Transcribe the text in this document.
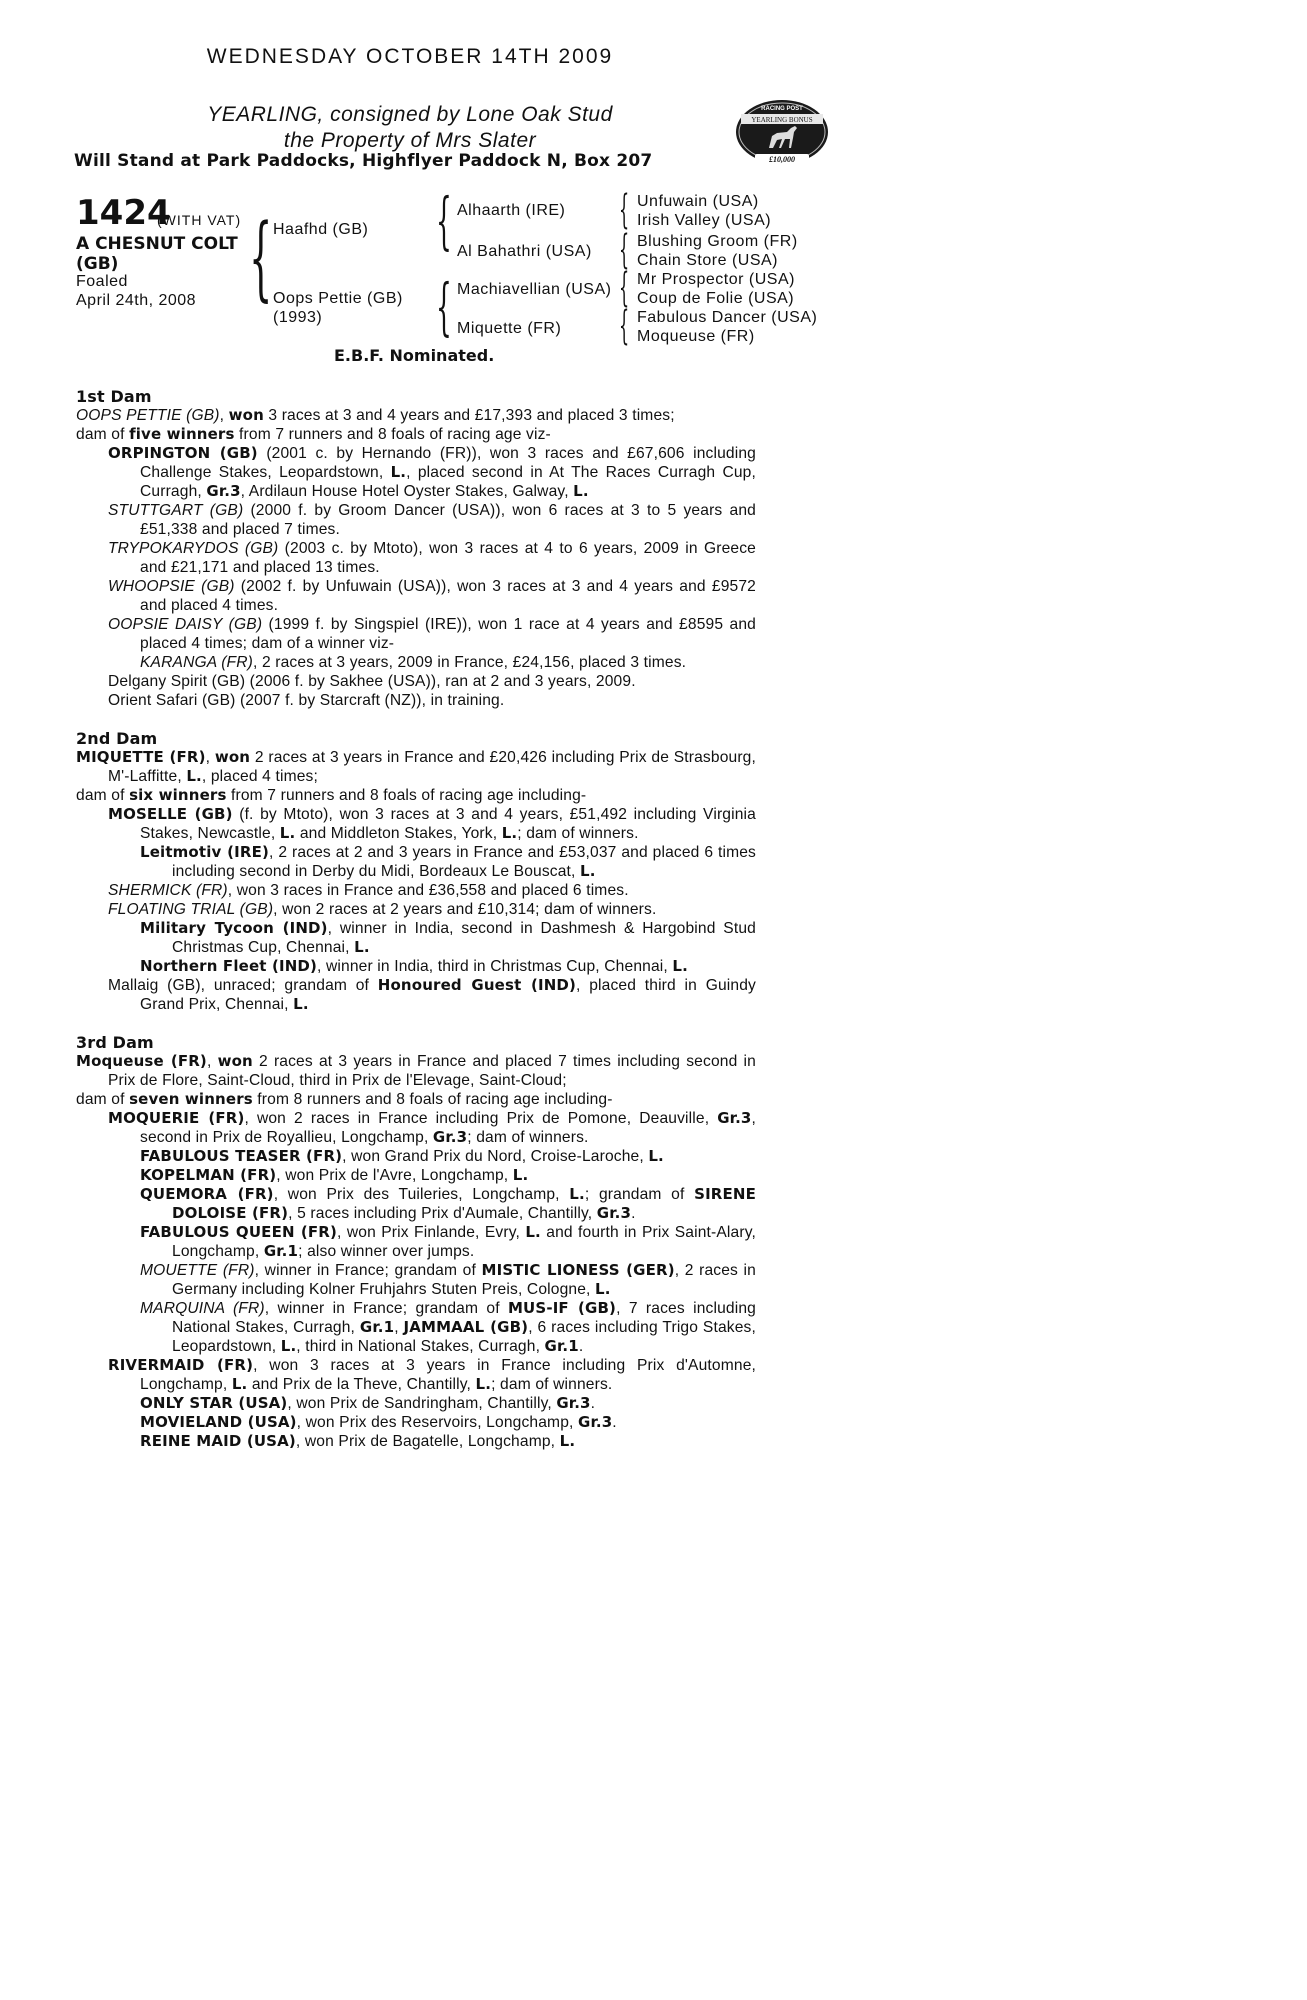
WEDNESDAY OCTOBER 14TH 2009
YEARLING, consigned by Lone Oak Stud
the Property of Mrs Slater
Will Stand at Park Paddocks, Highflyer Paddock N, Box 207
RACING POST
YEARLING BONUS
£10,000
1424
(WITH VAT)
A CHESNUT COLT
(GB)
Foaled
April 24th, 2008 { Haafhd (GB)
Oops Pettie (GB)
(1993)
{
{
Alhaarth (IRE)
Al Bahathri (USA)
Machiavellian (USA)
Miquette (FR)
{
{
{
{
Unfuwain (USA)
Irish Valley (USA)
Blushing Groom (FR)
Chain Store (USA)
Mr Prospector (USA)
Coup de Folie (USA)
Fabulous Dancer (USA)
Moqueuse (FR)
E.B.F. Nominated.
1st Dam
OOPS PETTIE (GB), won 3 races at 3 and 4 years and £17,393 and placed 3 times;
dam of five winners from 7 runners and 8 foals of racing age viz-
ORPINGTON (GB) (2001 c. by Hernando (FR)), won 3 races and £67,606 including Challenge Stakes, Leopardstown, L., placed second in At The Races Curragh Cup, Curragh, Gr.3, Ardilaun House Hotel Oyster Stakes, Galway, L.
STUTTGART (GB) (2000 f. by Groom Dancer (USA)), won 6 races at 3 to 5 years and £51,338 and placed 7 times.
TRYPOKARYDOS (GB) (2003 c. by Mtoto), won 3 races at 4 to 6 years, 2009 in Greece and £21,171 and placed 13 times.
WHOOPSIE (GB) (2002 f. by Unfuwain (USA)), won 3 races at 3 and 4 years and £9572 and placed 4 times.
OOPSIE DAISY (GB) (1999 f. by Singspiel (IRE)), won 1 race at 4 years and £8595 and placed 4 times; dam of a winner viz-
KARANGA (FR), 2 races at 3 years, 2009 in France, £24,156, placed 3 times.
Delgany Spirit (GB) (2006 f. by Sakhee (USA)), ran at 2 and 3 years, 2009.
Orient Safari (GB) (2007 f. by Starcraft (NZ)), in training.
2nd Dam
MIQUETTE (FR), won 2 races at 3 years in France and £20,426 including Prix de Strasbourg, M'-Laffitte, L., placed 4 times;
dam of six winners from 7 runners and 8 foals of racing age including-
MOSELLE (GB) (f. by Mtoto), won 3 races at 3 and 4 years, £51,492 including Virginia Stakes, Newcastle, L. and Middleton Stakes, York, L.; dam of winners.
Leitmotiv (IRE), 2 races at 2 and 3 years in France and £53,037 and placed 6 times including second in Derby du Midi, Bordeaux Le Bouscat, L.
SHERMICK (FR), won 3 races in France and £36,558 and placed 6 times.
FLOATING TRIAL (GB), won 2 races at 2 years and £10,314; dam of winners.
Military Tycoon (IND), winner in India, second in Dashmesh & Hargobind Stud Christmas Cup, Chennai, L.
Northern Fleet (IND), winner in India, third in Christmas Cup, Chennai, L.
Mallaig (GB), unraced; grandam of Honoured Guest (IND), placed third in Guindy Grand Prix, Chennai, L.
3rd Dam
Moqueuse (FR), won 2 races at 3 years in France and placed 7 times including second in Prix de Flore, Saint-Cloud, third in Prix de l'Elevage, Saint-Cloud;
dam of seven winners from 8 runners and 8 foals of racing age including-
MOQUERIE (FR), won 2 races in France including Prix de Pomone, Deauville, Gr.3, second in Prix de Royallieu, Longchamp, Gr.3; dam of winners.
FABULOUS TEASER (FR), won Grand Prix du Nord, Croise-Laroche, L.
KOPELMAN (FR), won Prix de l'Avre, Longchamp, L.
QUEMORA (FR), won Prix des Tuileries, Longchamp, L.; grandam of SIRENE DOLOISE (FR), 5 races including Prix d'Aumale, Chantilly, Gr.3.
FABULOUS QUEEN (FR), won Prix Finlande, Evry, L. and fourth in Prix Saint-Alary, Longchamp, Gr.1; also winner over jumps.
MOUETTE (FR), winner in France; grandam of MISTIC LIONESS (GER), 2 races in Germany including Kolner Fruhjahrs Stuten Preis, Cologne, L.
MARQUINA (FR), winner in France; grandam of MUS-IF (GB), 7 races including National Stakes, Curragh, Gr.1, JAMMAAL (GB), 6 races including Trigo Stakes, Leopardstown, L., third in National Stakes, Curragh, Gr.1.
RIVERMAID (FR), won 3 races at 3 years in France including Prix d'Automne, Longchamp, L. and Prix de la Theve, Chantilly, L.; dam of winners.
ONLY STAR (USA), won Prix de Sandringham, Chantilly, Gr.3.
MOVIELAND (USA), won Prix des Reservoirs, Longchamp, Gr.3.
REINE MAID (USA), won Prix de Bagatelle, Longchamp, L.
